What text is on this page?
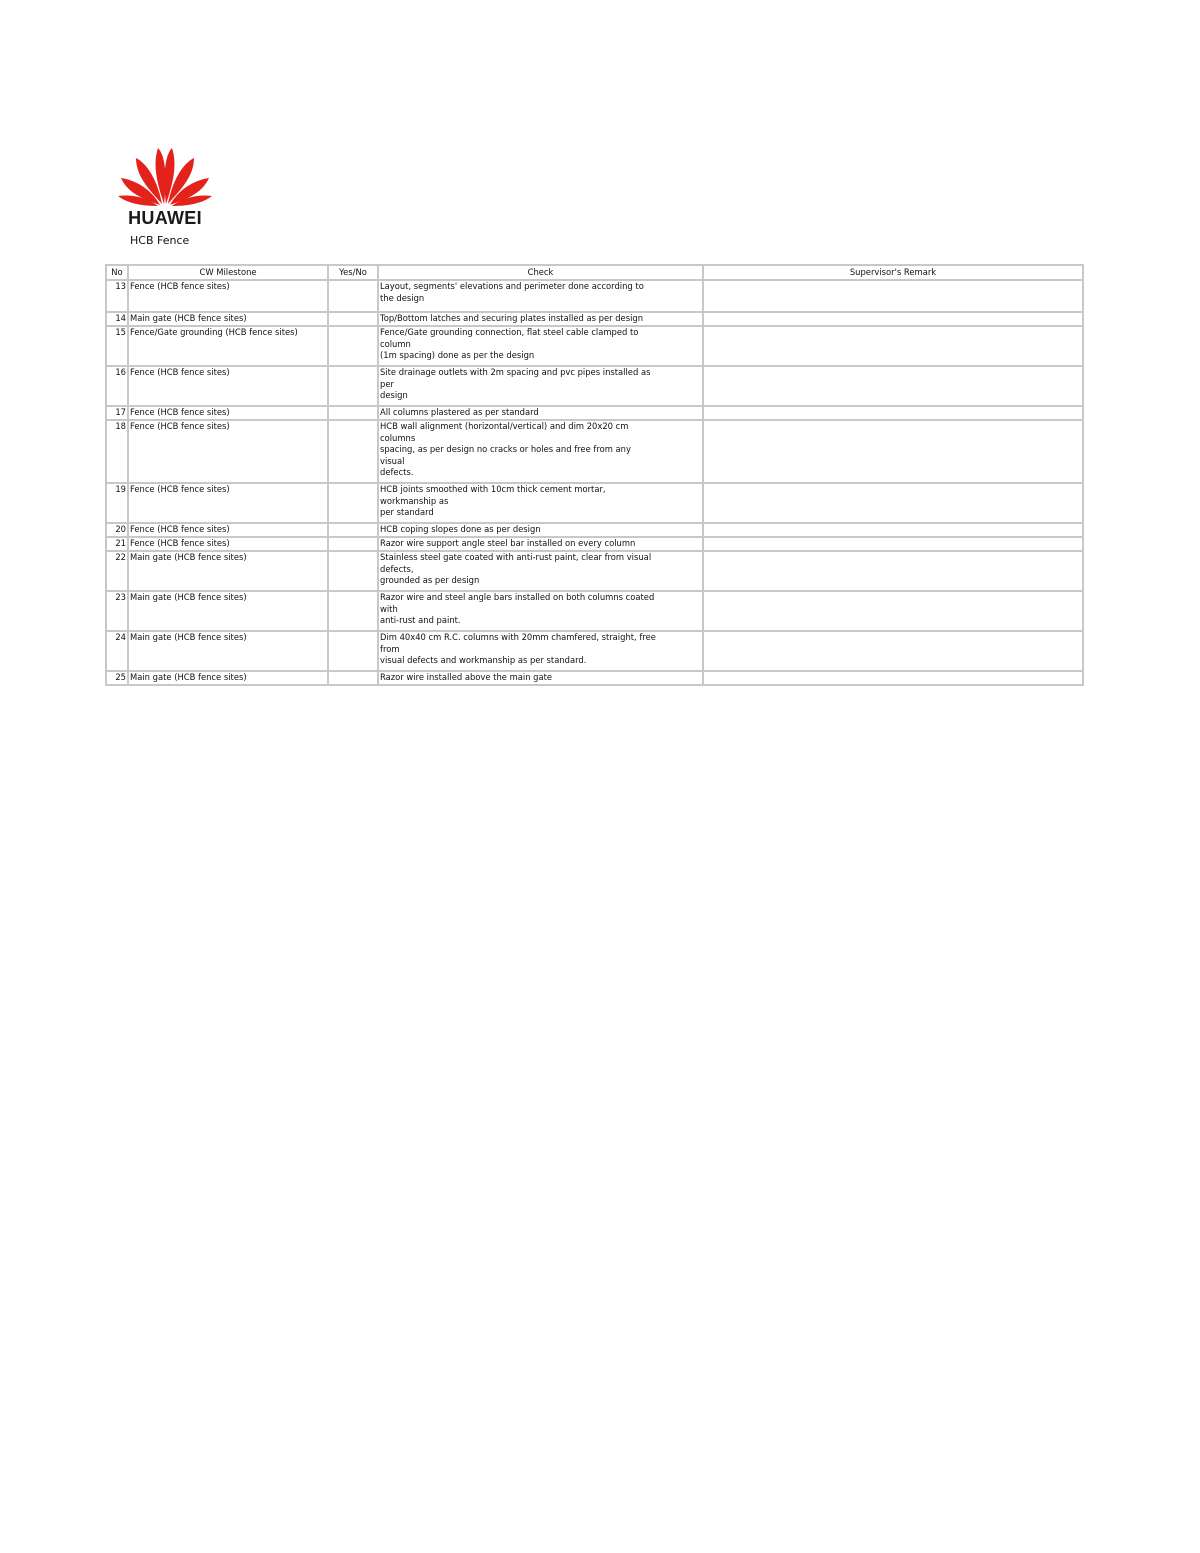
HUAWEI
HCB Fence
No	CW Milestone	Yes/No	Check	Supervisor's Remark
13	Fence (HCB fence sites)		Layout, segments' elevations and perimeter done according to
the design	
14	Main gate (HCB fence sites)		Top/Bottom latches and securing plates installed as per design	
15	Fence/Gate grounding (HCB fence sites)		Fence/Gate grounding connection, flat steel cable clamped to
column
(1m spacing) done as per the design	
16	Fence (HCB fence sites)		Site drainage outlets with 2m spacing and pvc pipes installed as
per
design	
17	Fence (HCB fence sites)		All columns plastered as per standard	
18	Fence (HCB fence sites)		HCB wall alignment (horizontal/vertical) and dim 20x20 cm
columns
spacing, as per design no cracks or holes and free from any
visual
defects.	
19	Fence (HCB fence sites)		HCB joints smoothed with 10cm thick cement mortar,
workmanship as
per standard	
20	Fence (HCB fence sites)		HCB coping slopes done as per design	
21	Fence (HCB fence sites)		Razor wire support angle steel bar installed on every column	
22	Main gate (HCB fence sites)		Stainless steel gate coated with anti-rust paint, clear from visual
defects,
grounded as per design	
23	Main gate (HCB fence sites)		Razor wire and steel angle bars installed on both columns coated
with
anti-rust and paint.	
24	Main gate (HCB fence sites)		Dim 40x40 cm R.C. columns with 20mm chamfered, straight, free
from
visual defects and workmanship as per standard.	
25	Main gate (HCB fence sites)		Razor wire installed above the main gate	
